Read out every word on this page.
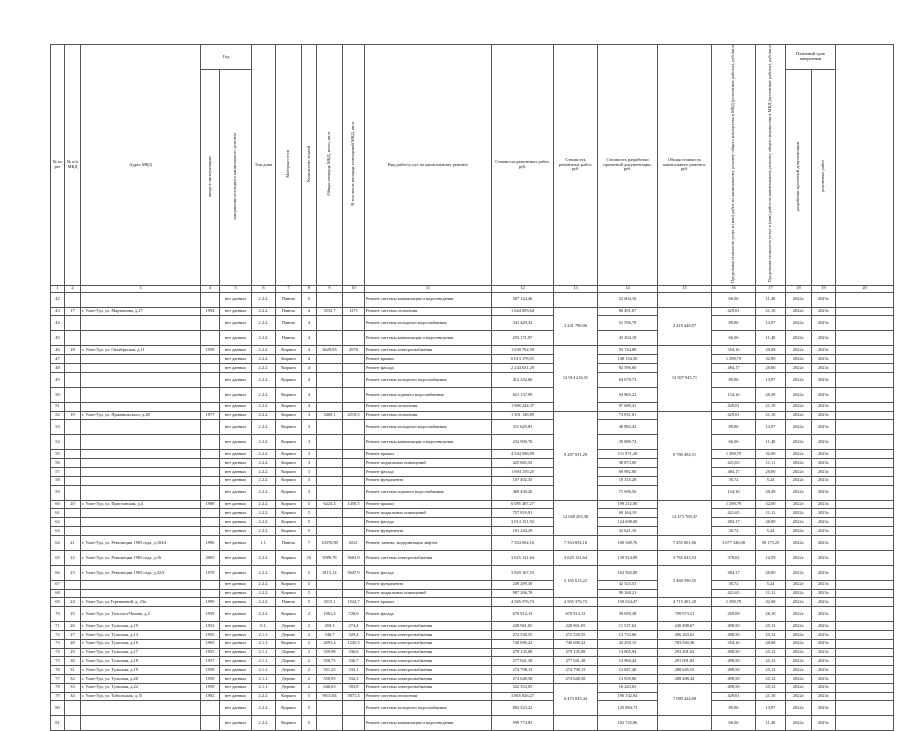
№ по рег	№ п/п МКД	Адрес МКД	Год		Тип дома	Материал стен	Количество этажей	Общая площадь МКД, всего, кв.м	В том числе площадь помещений МКД, кв.м	Вид работ/услуг по капитальному ремонту	Стоимость ремонтных работ, руб.	Стоимость ремонтных работ, руб.	Стоимость разработки проектной документации, руб.	Общая стоимость капитального ремонта, руб.	Предельная стоимость услуг и (или) работ по капитальному ремонту общего имущества в МКД (ремонтные работы), руб./кв.м	Предельная стоимость услуг и (или) работ по капитальному ремонту общего имущества в МКД (проектные работы), руб./кв.м	Плановый срок завершения		
			ввода в эксплуатацию	завершения последнего капитального ремонта													разработки проектной документации	ремонтных работ	
1	2	3	4	5	6	7	8	9	10	11	12	13	14	15	16	17	18	19	20
42				нет данных	2.2.2.	Панель	5			Ремонт системы канализации и водоотведения	307 124,46		52 604,16		66,56	11,40	2022г.	2023г.	
43	17	г. Улан-Удэ, ул. Мартынова, д.27	1994	нет данных	2.2.2.	Панель	4	3533,7	1271	Ремонт системы отопления	1 644 693,64	2 241 790,06	80 491,07	2 419 448,07	429,01	21,10	2022г.	2023г.	
44				нет данных	2.2.2.	Панель	4			Ремонт системы холодного водоснабжения	341 429,32		51 556,79		89,06	13,97	2022г.	2023г.	
45				нет данных	2.2.2.	Панель	4			Ремонт системы канализации и водоотведения	255 171,97		43 304,18		66,56	11,40	2022г.	2023г.	
46	18	г. Улан-Удэ, ул. Октябрьская, д.11	1958	нет данных	2.2.2.	Кирпич	4	4629,83	2976	Ремонт системы электроснабжения	1 639 702,59	12 914 216,31	93 744,88	13 507 945,71	354,16	20,68	2022г.	2023г.	
47				нет данных	2.2.2.	Кирпич	4			Ремонт крыши	6 013 178,91		148 154,56		1 298,79	32,00	2022г.	2023г.	
48				нет данных	2.2.2.	Кирпич	4			Ремонт фасада	2 244 631,29		92 596,60		484,17	20,00	2022г.	2023г.	
49				нет данных	2.2.2.	Кирпич	4			Ремонт системы холодного водоснабжения	412 332,66		64 678,73		89,06	13,97	2022г.	2023г.	
50				нет данных	2.2.2.	Кирпич	4			Ремонт системы горячего водоснабжения	621 137,99		94 865,22		134,16	20,49	2022г.	2023г.	
51				нет данных	2.2.2.	Кирпич	4			Ремонт системы отопления	1 986 244,37		97 689,41		429,01	21,10	2022г.	2023г.	
52	19	г. Улан-Удэ, ул. Пржевальского, д.28	1977	нет данных	2.2.2.	Кирпич	3	3469,1	2519,5	Ремонт системы отопления	1 501 148,89	9 287 031,29	73 831,01	9 780 494,51	429,01	21,10	2022г.	2023г.	
53				нет данных	2.2.2.	Кирпич	3			Ремонт системы холодного водоснабжения	311 629,83		48 882,43		89,06	13,97	2022г.	2023г.	
54				нет данных	2.2.2.	Кирпич	3			Ремонт системы канализации и водоотведения	232 900,70		39 889,74		66,56	11,40	2022г.	2023г.	
55				нет данных	2.2.2.	Кирпич	3			Ремонт крыши	4 544 596,09		111 971,20		1 298,79	32,00	2022г.	2023г.	
56				нет данных	2.2.2.	Кирпич	3			Ремонт подвальных помещений	425 665,52		38 873,00		421,65	11,11	2022г.	2023г.	
57				нет данных	2.2.2.	Кирпич	3			Ремонт фасада	1 694 159,25		69 982,00		484,17	20,00	2022г.	2023г.	
58				нет данных	2.2.2.	Кирпич	3			Ремонт фундамента	107 402,35		18 335,28		30,72	5,24	2022г.	2023г.	
59				нет данных	2.2.2.	Кирпич	3			Ремонт системы горячего водоснабжения	469 430,26		71 696,56		134,16	20,49	2022г.	2023г.	
60	20	г. Улан-Удэ, ул. Пристанская, д.4	1988	нет данных	2.2.2.	Кирпич	5	6223,4	1450,5	Ремонт крыши	6 085 487,27	12 048 203,38	199 212,80	12 473 709,47	1 298,79	32,00	2022г.	2023г.	
61				нет данных	2.2.2.	Кирпич	5			Ремонт подвальных помещений	757 819,91		69 164,19		421,65	11,11	2022г.	2023г.	
62				нет данных	2.2.2.	Кирпич	5			Ремонт фасада	3 014 151,92		124 608,00		484,17	20,00	2022г.	2023г.	
63				нет данных	2.2.2.	Кирпич	5			Ремонт фундамента	191 244,29		32 621,10		30,72	5,24	2022г.	2023г.	
64	21	г. Улан-Удэ, ул. Революции 1905 года, д.104А	1996	нет данных	1.1.	Панель	7	10376,98	6521	Ремонт, замена, модернизация лифтов	7 354 692,16	7 354 692,16	100 349,76	7 455 001,66	3 677 346,08	50 175,25	2022г.	2023г.	
65	22	г. Улан-Удэ, ул. Революции 1905 года, д.16	2005	нет данных	2.2.2.	Кирпич	10	9589,78	5663,9	Ремонт системы электроснабжения	3 625 121,64	3 625 121,64	139 914,89	3 765 043,53	378,02	14,59	2022г.	2023г.	
66	23	г. Улан-Удэ, ул. Революции 1905 года, д.32А	1978	нет данных	2.2.2.	Кирпич	5	8115,14	5647,9	Ремонт фасада	3 929 167,53	5 165 613,22	162 302,80	5 460 596,55	484,17	20,00	2022г.	2023г.	
67				нет данных	2.2.2.	Кирпич	5			Ремонт фундамента	249 299,30		42 523,53		30,72	5,24	2022г.	2023г.	
68				нет данных	2.2.2.	Кирпич	5			Ремонт подвальных помещений	987 206,78		90 160,21		421,65	11,11	2022г.	2023г.	
69	24	г. Улан-Удэ, ул.Терешковой, д. 23а	1999	нет данных	2.2.2.	Панель	5	3515,1	1524,7	Ремонт крыши	4 565 376,73	4 565 376,73	150 024,47	4 715 401,20	1 298,79	42,68	2022г.	2023г.	
70	25	г. Улан-Удэ, ул. Толстого/Чехова, д.2	1959	нет данных	2.2.2.	Кирпич	2	1061,4	728,6	Ремонт фасада	670 914,13	670 914,13	39 059,38	709 973,51	459,09	26,10	2022г.	2023г.	
71	26	г. Улан-Удэ, ул. Тульская, д.19	1952	нет данных	6.1.	Дерево	2	459,3	274,4	Ремонт системы электроснабжения	228 961,05	228 961,05	11 537,62	240 498,67	498,50	25,12	2022г.	2023г.	
72	27	г. Улан-Удэ, ул. Тульская, д.13	1955	нет данных	2.1.1.	Дерево	2	546,7	329,4	Ремонт системы электроснабжения	272 530,55	272 530,55	13 733,06	286 263,61	498,50	25,12	2022г.	2023г.	
73	28	г. Улан-Удэ, ул. Тульская, д.16	1965	нет данных	2.1.1.	Кирпич	2	2091,4	1245,5	Ремонт системы электроснабжения	740 690,22	740 690,22	43 250,15	783 940,38	354,16	20,68	2022г.	2023г.	
74	29	г. Улан-Удэ, ул. Тульская, д.17	1955	нет данных	2.1.1.	Дерево	2	559,98	336,6	Ремонт системы электроснабжения	279 135,08	279 135,08	14 065,94	293 201,02	498,50	25,12	2022г.	2023г.	
75	30	г. Улан-Удэ, ул. Тульская, д.18	1957	нет данных	2.1.1.	Дерево	2	558,75	336,7	Ремонт системы электроснабжения	277 041,38	277 041,38	13 960,44	291 001,82	498,50	25,12	2022г.	2023г.	
76	31	г. Улан-Удэ, ул. Тульская, д.19	1958	нет данных	2.1.1.	Дерево	2	551,25	333,1	Ремонт системы электроснабжения	274 798,13	274 798,13	13 847,40	288 645,53	498,50	25,12	2022г.	2023г.	
77	32	г. Улан-Удэ, ул. Тульская, д.20	1958	нет данных	2.1.1.	Дерево	2	550,95	332,3	Ремонт системы электроснабжения	274 648,58	274 648,58	13 839,86	288 488,44	498,50	25,12	2022г.	2023г.	
78	33	г. Улан-Удэ, ул. Тульская, д.22	1958	нет данных	2.1.1.	Дерево	2	646,63	393,8	Ремонт системы электроснабжения	322 353,05	6 473 045,44	16 243,65	7 089 424,68	498,50	25,12	2022г.	2023г.	
79	34	г. Улан-Удэ, ул. Тобольская, д.15	1982	нет данных	2.2.2.	Кирпич	5	9011,04	5871,4	Ремонт системы отопления	3 865 826,27		190 132,94		429,01	21,10	2022г.	2023г.	
80				нет данных	2.2.2.	Кирпич	5			Ремонт системы холодного водоснабжения	802 523,22		125 884,73		89,06	13,97	2022г.	2023г.	
81				нет данных	2.2.2.	Кирпич	5			Ремонт системы канализации и водоотведения	599 774,82		102 725,86		66,56	11,40	2022г.	2023г.	
